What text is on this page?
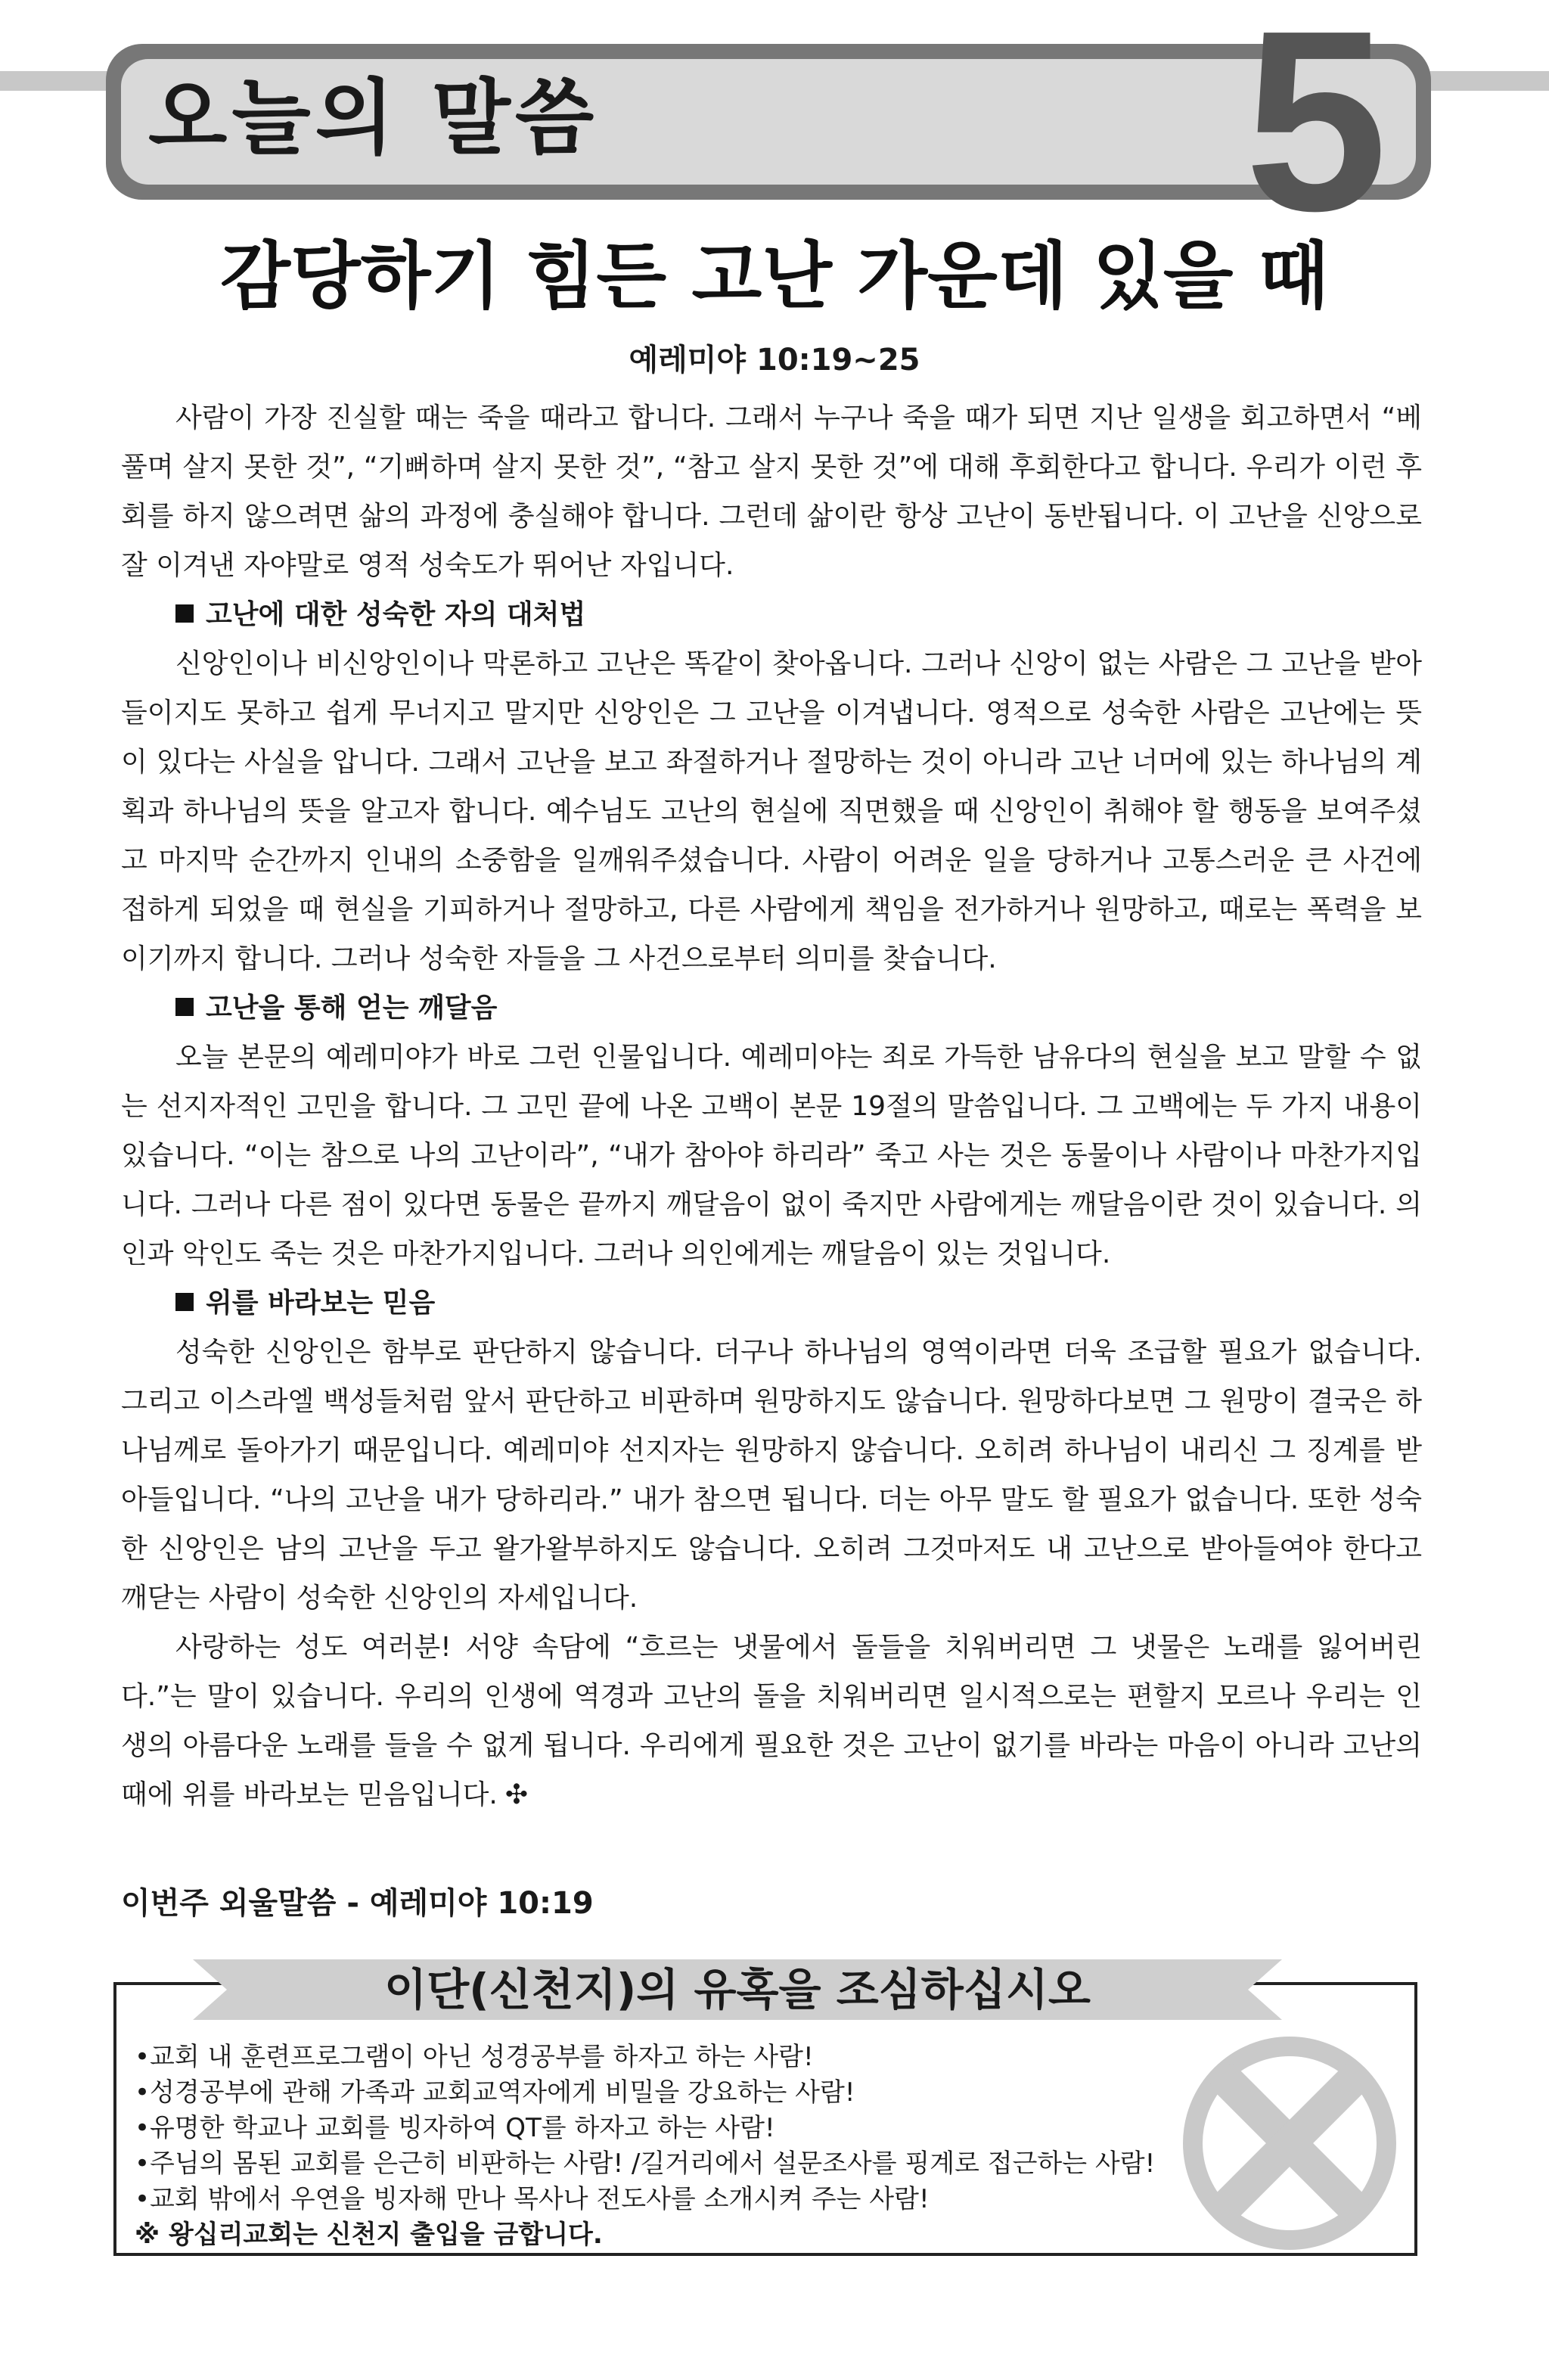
오늘의 말씀	5
감당하기 힘든 고난 가운데 있을 때
예레미야 10:19~25

사람이 가장 진실할 때는 죽을 때라고 합니다. 그래서 누구나 죽을 때가 되면 지난 일생을 회고하면서 “베풀며 살지 못한 것”, “기뻐하며 살지 못한 것”, “참고 살지 못한 것”에 대해 후회한다고 합니다. 우리가 이런 후회를 하지 않으려면 삶의 과정에 충실해야 합니다. 그런데 삶이란 항상 고난이 동반됩니다. 이 고난을 신앙으로 잘 이겨낸 자야말로 영적 성숙도가 뛰어난 자입니다.

고난에 대한 성숙한 자의 대처법

신앙인이나 비신앙인이나 막론하고 고난은 똑같이 찾아옵니다. 그러나 신앙이 없는 사람은 그 고난을 받아들이지도 못하고 쉽게 무너지고 말지만 신앙인은 그 고난을 이겨냅니다. 영적으로 성숙한 사람은 고난에는 뜻이 있다는 사실을 압니다. 그래서 고난을 보고 좌절하거나 절망하는 것이 아니라 고난 너머에 있는 하나님의 계획과 하나님의 뜻을 알고자 합니다. 예수님도 고난의 현실에 직면했을 때 신앙인이 취해야 할 행동을 보여주셨고 마지막 순간까지 인내의 소중함을 일깨워주셨습니다. 사람이 어려운 일을 당하거나 고통스러운 큰 사건에 접하게 되었을 때 현실을 기피하거나 절망하고, 다른 사람에게 책임을 전가하거나 원망하고, 때로는 폭력을 보이기까지 합니다. 그러나 성숙한 자들을 그 사건으로부터 의미를 찾습니다.

고난을 통해 얻는 깨달음

오늘 본문의 예레미야가 바로 그런 인물입니다. 예레미야는 죄로 가득한 남유다의 현실을 보고 말할 수 없는 선지자적인 고민을 합니다. 그 고민 끝에 나온 고백이 본문 19절의 말씀입니다. 그 고백에는 두 가지 내용이 있습니다. “이는 참으로 나의 고난이라”, “내가 참아야 하리라” 죽고 사는 것은 동물이나 사람이나 마찬가지입니다. 그러나 다른 점이 있다면 동물은 끝까지 깨달음이 없이 죽지만 사람에게는 깨달음이란 것이 있습니다. 의인과 악인도 죽는 것은 마찬가지입니다. 그러나 의인에게는 깨달음이 있는 것입니다.

위를 바라보는 믿음

성숙한 신앙인은 함부로 판단하지 않습니다. 더구나 하나님의 영역이라면 더욱 조급할 필요가 없습니다. 그리고 이스라엘 백성들처럼 앞서 판단하고 비판하며 원망하지도 않습니다. 원망하다보면 그 원망이 결국은 하나님께로 돌아가기 때문입니다. 예레미야 선지자는 원망하지 않습니다. 오히려 하나님이 내리신 그 징계를 받아들입니다. “나의 고난을 내가 당하리라.” 내가 참으면 됩니다. 더는 아무 말도 할 필요가 없습니다. 또한 성숙한 신앙인은 남의 고난을 두고 왈가왈부하지도 않습니다. 오히려 그것마저도 내 고난으로 받아들여야 한다고 깨닫는 사람이 성숙한 신앙인의 자세입니다.

사랑하는 성도 여러분! 서양 속담에 “흐르는 냇물에서 돌들을 치워버리면 그 냇물은 노래를 잃어버린다.”는 말이 있습니다. 우리의 인생에 역경과 고난의 돌을 치워버리면 일시적으로는 편할지 모르나 우리는 인생의 아름다운 노래를 들을 수 없게 됩니다. 우리에게 필요한 것은 고난이 없기를 바라는 마음이 아니라 고난의 때에 위를 바라보는 믿음입니다. ✣

이번주 외울말씀 - 예레미야 10:19
이단(신천지)의 유혹을 조심하십시오
•교회 내 훈련프로그램이 아닌 성경공부를 하자고 하는 사람!
•성경공부에 관해 가족과 교회교역자에게 비밀을 강요하는 사람!
•유명한 학교나 교회를 빙자하여 QT를 하자고 하는 사람!
•주님의 몸된 교회를 은근히 비판하는 사람! /길거리에서 설문조사를 핑계로 접근하는 사람!
•교회 밖에서 우연을 빙자해 만나 목사나 전도사를 소개시켜 주는 사람!
※ 왕십리교회는 신천지 출입을 금합니다.
